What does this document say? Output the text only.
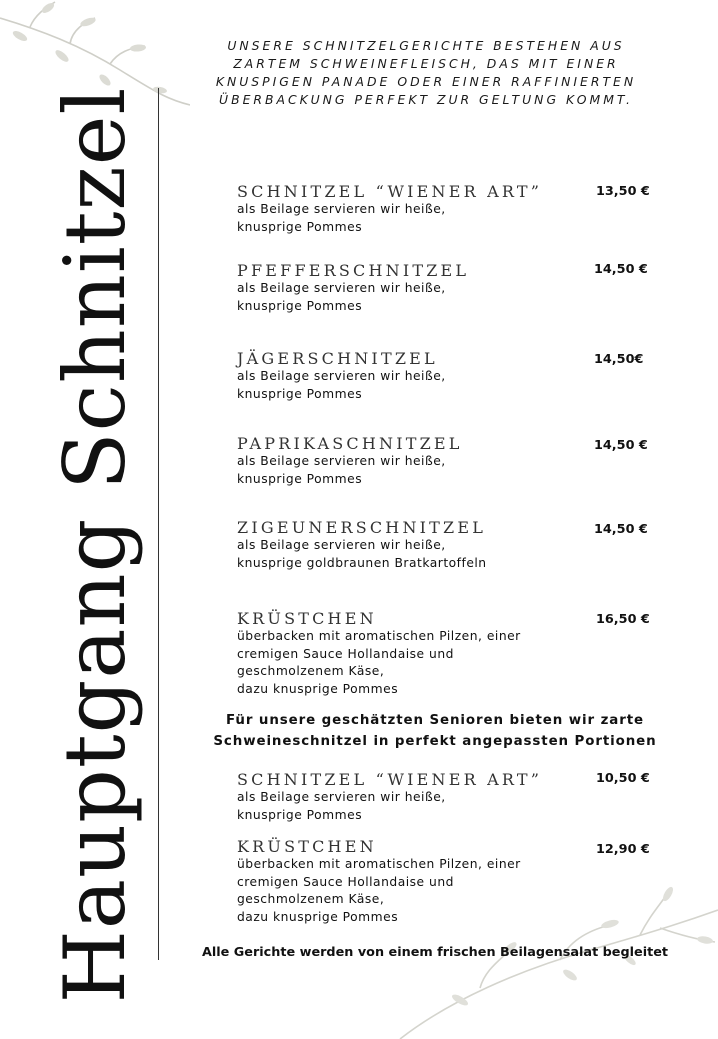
Hauptgang Schnitzel
UNSERE SCHNITZELGERICHTE BESTEHEN AUS ZARTEM SCHWEINEFLEISCH, DAS MIT EINER KNUSPIGEN PANADE ODER EINER RAFFINIERTEN ÜBERBACKUNG PERFEKT ZUR GELTUNG KOMMT.
SCHNITZEL “WIENER ART”
als Beilage servieren wir heiße,
knusprige Pommes
13,50 €
PFEFFERSCHNITZEL
als Beilage servieren wir heiße,
knusprige Pommes
14,50 €
JÄGERSCHNITZEL
als Beilage servieren wir heiße,
knusprige Pommes
14,50€
PAPRIKASCHNITZEL
als Beilage servieren wir heiße,
knusprige Pommes
14,50 €
ZIGEUNERSCHNITZEL
als Beilage servieren wir heiße,
knusprige goldbraunen Bratkartoffeln
14,50 €
KRÜSTCHEN
überbacken mit aromatischen Pilzen, einer
cremigen Sauce Hollandaise und
geschmolzenem Käse,
dazu knusprige Pommes
16,50 €
Für unsere geschätzten Senioren bieten wir zarte
Schweineschnitzel in perfekt angepassten Portionen
SCHNITZEL “WIENER ART”
als Beilage servieren wir heiße,
knusprige Pommes
10,50 €
KRÜSTCHEN
überbacken mit aromatischen Pilzen, einer
cremigen Sauce Hollandaise und
geschmolzenem Käse,
dazu knusprige Pommes
12,90 €
Alle Gerichte werden von einem frischen Beilagensalat begleitet
